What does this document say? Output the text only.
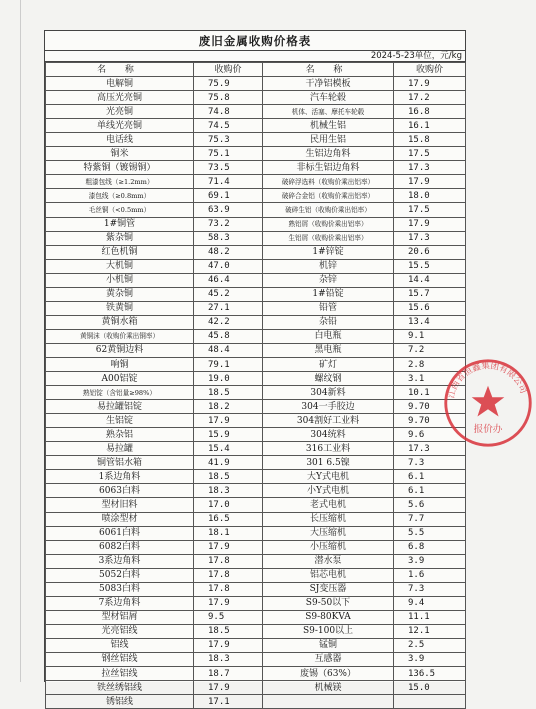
废旧金属收购价格表
2024-5-23单位，元/kg
名 称	收购价	名 称	收购价
电解铜	75.9	干净铝模板	17.9
高压光亮铜	75.8	汽车轮毂	17.2
光亮铜	74.8	机体、活塞、摩托车轮毂	16.8
单线光亮铜	74.5	机械生铝	16.1
电话线	75.3	民用生铝	15.8
铜米	75.1	生铝边角料	17.5
特紫铜（镀锡铜）	73.5	非标生铝边角料	17.3
粗漆包线（≥1.2mm）	71.4	破碎浮选料（收购价乘出铝率）	17.9
漆包线（≥0.8mm）	69.1	破碎合金铝（收购价乘出铝率）	18.0
毛丝铜（<0.5mm）	63.9	破碎生铝（收购价乘出铝率）	17.5
1#铜管	73.2	熟铝屑（收购价乘出铝率）	17.9
紫杂铜	58.3	生铝屑（收购价乘出铝率）	17.3
红色机铜	48.2	1#锌锭	20.6
大机铜	47.0	机锌	15.5
小机铜	46.4	杂锌	14.4
黄杂铜	45.2	1#铅锭	15.7
铁黄铜	27.1	铅管	15.6
黄铜水箱	42.2	杂铅	13.4
黄铜沫（收购价乘出铜率）	45.8	白电瓶	9.1
62黄铜边料	48.4	黑电瓶	7.2
响铜	79.1	矿灯	2.8
A00铝锭	19.0	螺纹钢	3.1
熟铝锭（含铝量≥98%）	18.5	304新料	10.1
易拉罐铝锭	18.2	304一手胶边	9.70
生铝锭	17.9	304割好工业料	9.70
熟杂铝	15.9	304统料	9.6
易拉罐	15.4	316工业料	17.3
铜管铝水箱	41.9	301 6.5镍	7.3
1系边角料	18.5	大Y式电机	6.1
6063白料	18.3	小Y式电机	6.1
型材旧料	17.0	老式电机	5.6
喷涂型材	16.5	长压缩机	7.7
6061白料	18.1	大压缩机	5.5
6082白料	17.9	小压缩机	6.8
3系边角料	17.8	潜水泵	3.9
5052白料	17.8	铝芯电机	1.6
5083白料	17.8	SJ变压器	7.3
7系边角料	17.9	S9-50以下	9.4
型材铝屑	9.5	S9-80KVA	11.1
光亮铝线	18.5	S9-100以上	12.1
铝线	17.9	锰铜	2.5
钢丝铝线	18.3	互感器	3.9
拉丝铝线	18.7	废锡（63%）	136.5
铁丝绣铝线	17.9	机械镁	15.0
锈铝线	17.1		
江西省恒鑫集团有限公司
报价办
